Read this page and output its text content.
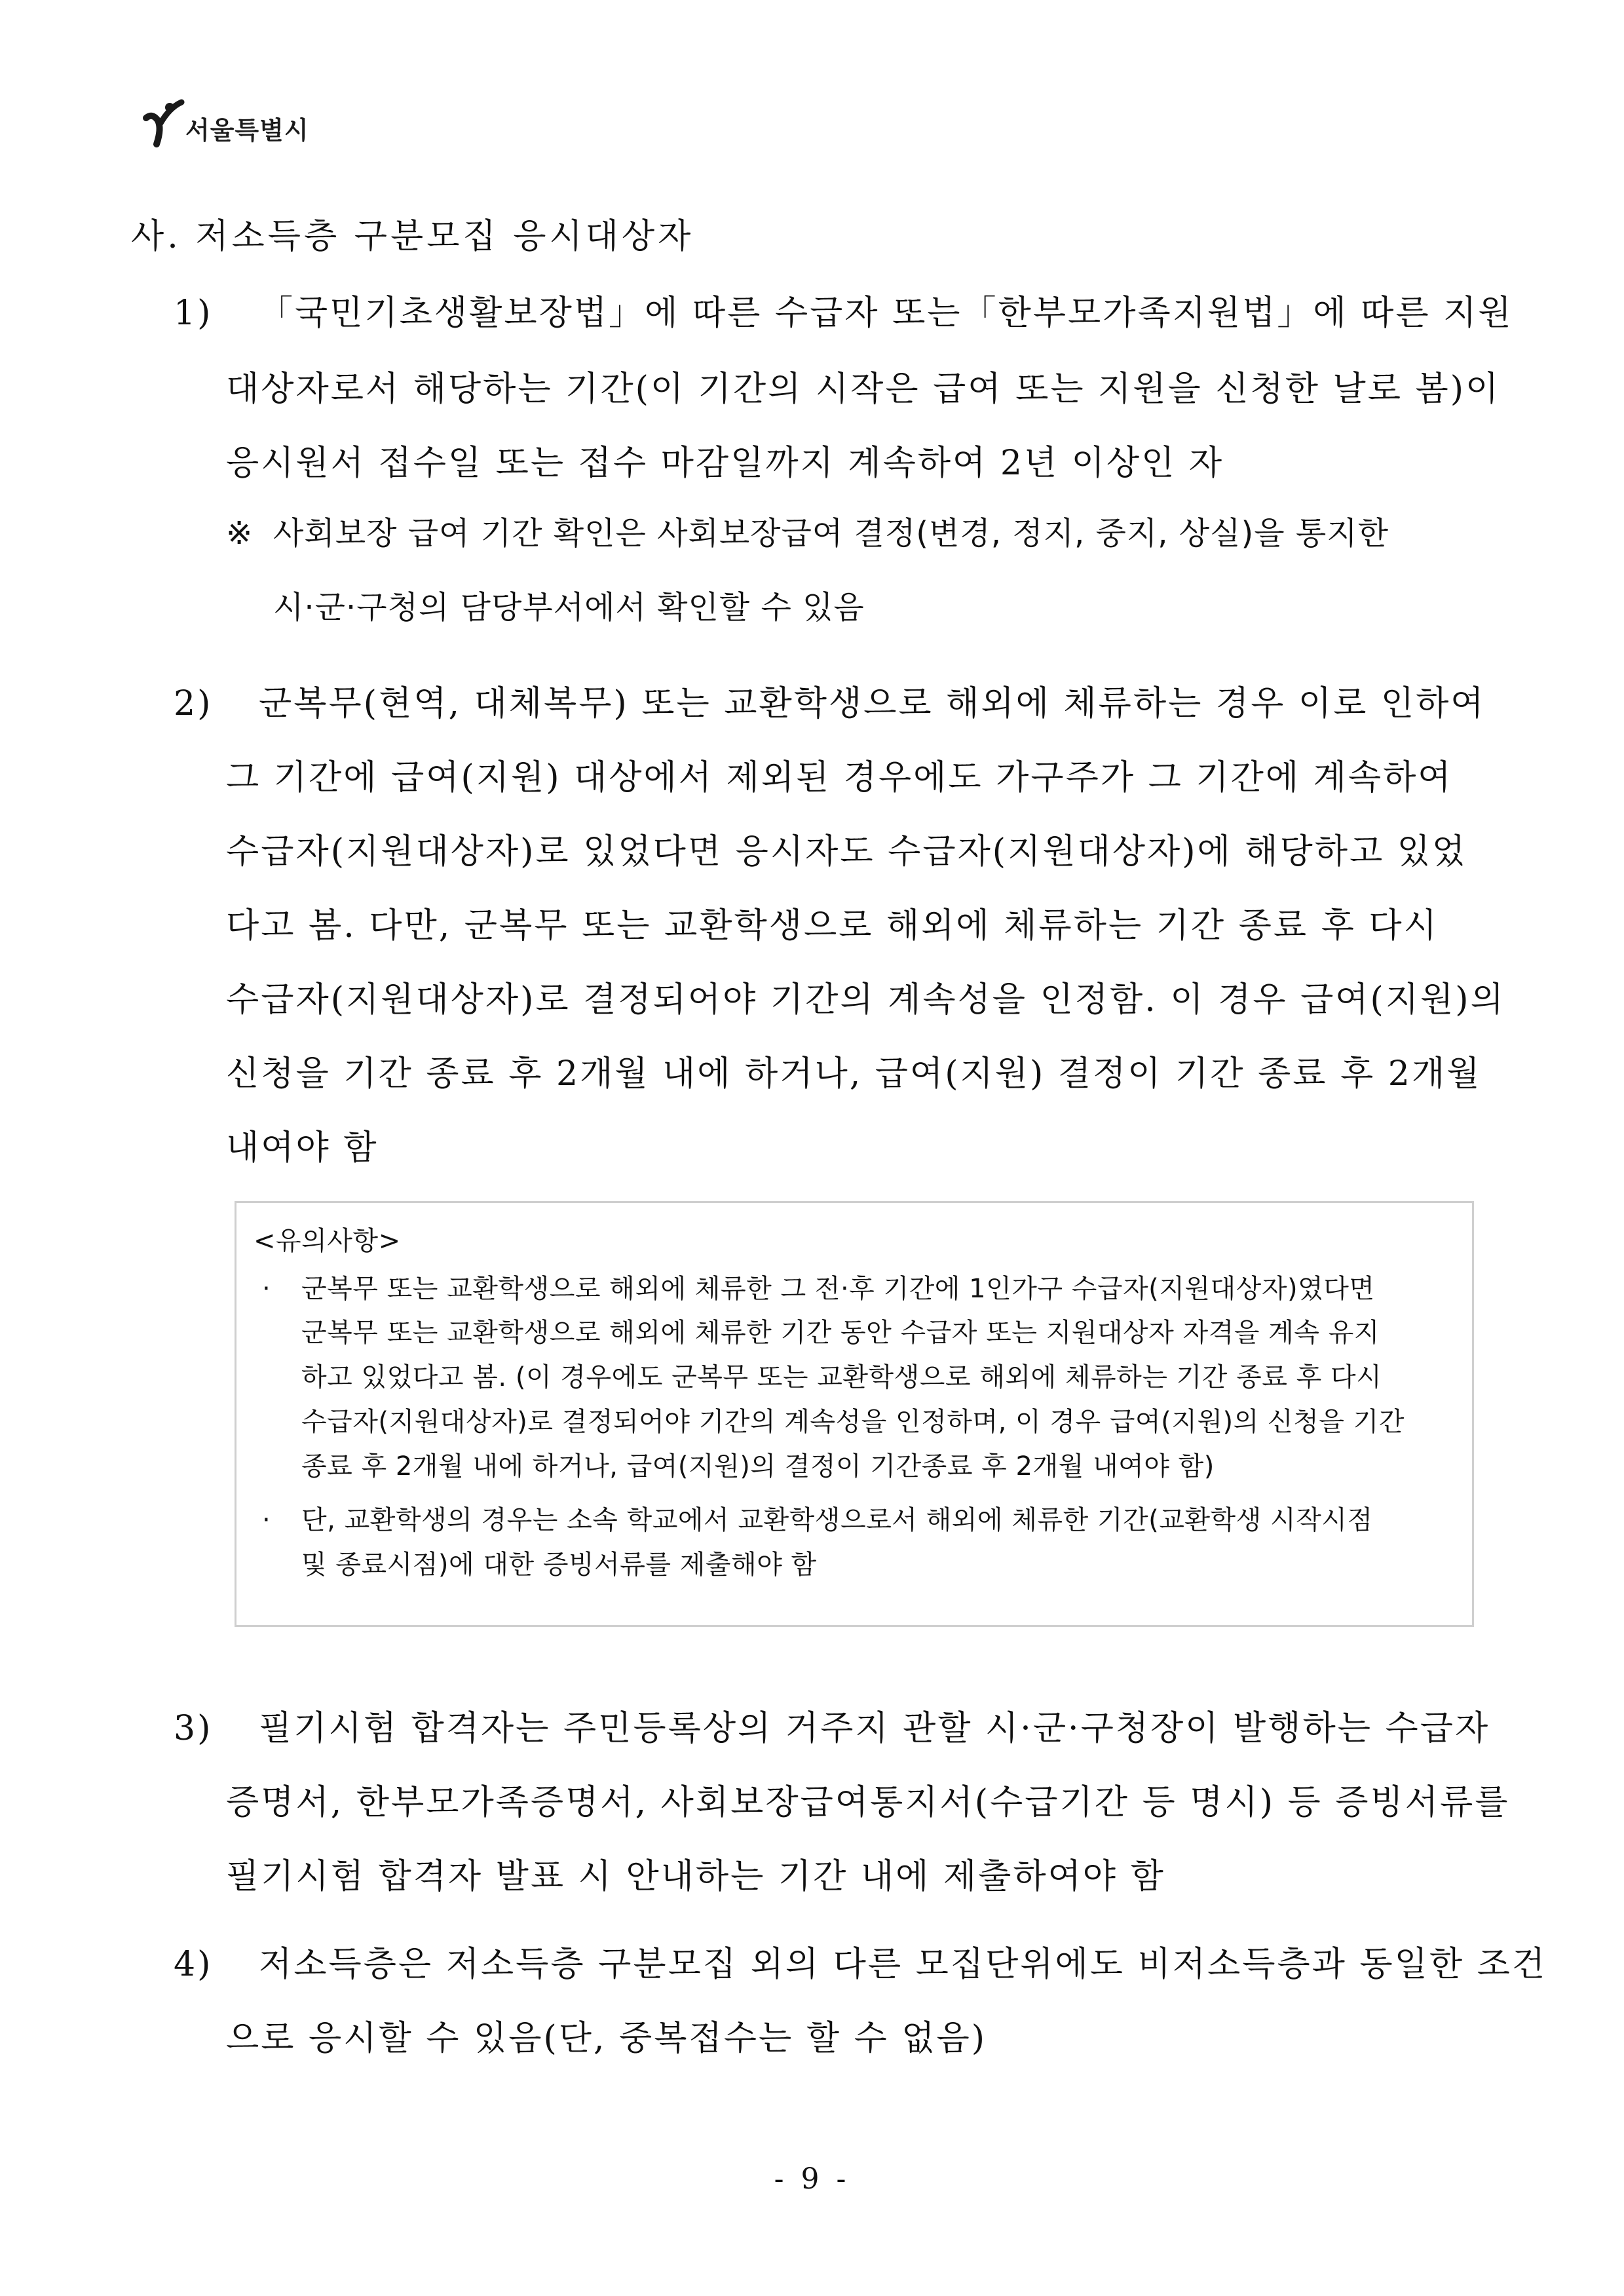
서울특별시
사. 저소득층 구분모집 응시대상자
1) 「국민기초생활보장법」에 따른 수급자 또는「한부모가족지원법」에 따른 지원
대상자로서 해당하는 기간(이 기간의 시작은 급여 또는 지원을 신청한 날로 봄)이
응시원서 접수일 또는 접수 마감일까지 계속하여 2년 이상인 자
※ 사회보장 급여 기간 확인은 사회보장급여 결정(변경, 정지, 중지, 상실)을 통지한
시·군·구청의 담당부서에서 확인할 수 있음
2) 군복무(현역, 대체복무) 또는 교환학생으로 해외에 체류하는 경우 이로 인하여
그 기간에 급여(지원) 대상에서 제외된 경우에도 가구주가 그 기간에 계속하여
수급자(지원대상자)로 있었다면 응시자도 수급자(지원대상자)에 해당하고 있었
다고 봄. 다만, 군복무 또는 교환학생으로 해외에 체류하는 기간 종료 후 다시
수급자(지원대상자)로 결정되어야 기간의 계속성을 인정함. 이 경우 급여(지원)의
신청을 기간 종료 후 2개월 내에 하거나, 급여(지원) 결정이 기간 종료 후 2개월
내여야 함
<유의사항>
· 군복무 또는 교환학생으로 해외에 체류한 그 전·후 기간에 1인가구 수급자(지원대상자)였다면
군복무 또는 교환학생으로 해외에 체류한 기간 동안 수급자 또는 지원대상자 자격을 계속 유지
하고 있었다고 봄. (이 경우에도 군복무 또는 교환학생으로 해외에 체류하는 기간 종료 후 다시
수급자(지원대상자)로 결정되어야 기간의 계속성을 인정하며, 이 경우 급여(지원)의 신청을 기간
종료 후 2개월 내에 하거나, 급여(지원)의 결정이 기간종료 후 2개월 내여야 함)
· 단, 교환학생의 경우는 소속 학교에서 교환학생으로서 해외에 체류한 기간(교환학생 시작시점
및 종료시점)에 대한 증빙서류를 제출해야 함
3) 필기시험 합격자는 주민등록상의 거주지 관할 시·군·구청장이 발행하는 수급자
증명서, 한부모가족증명서, 사회보장급여통지서(수급기간 등 명시) 등 증빙서류를
필기시험 합격자 발표 시 안내하는 기간 내에 제출하여야 함
4) 저소득층은 저소득층 구분모집 외의 다른 모집단위에도 비저소득층과 동일한 조건
으로 응시할 수 있음(단, 중복접수는 할 수 없음)
- 9 -
